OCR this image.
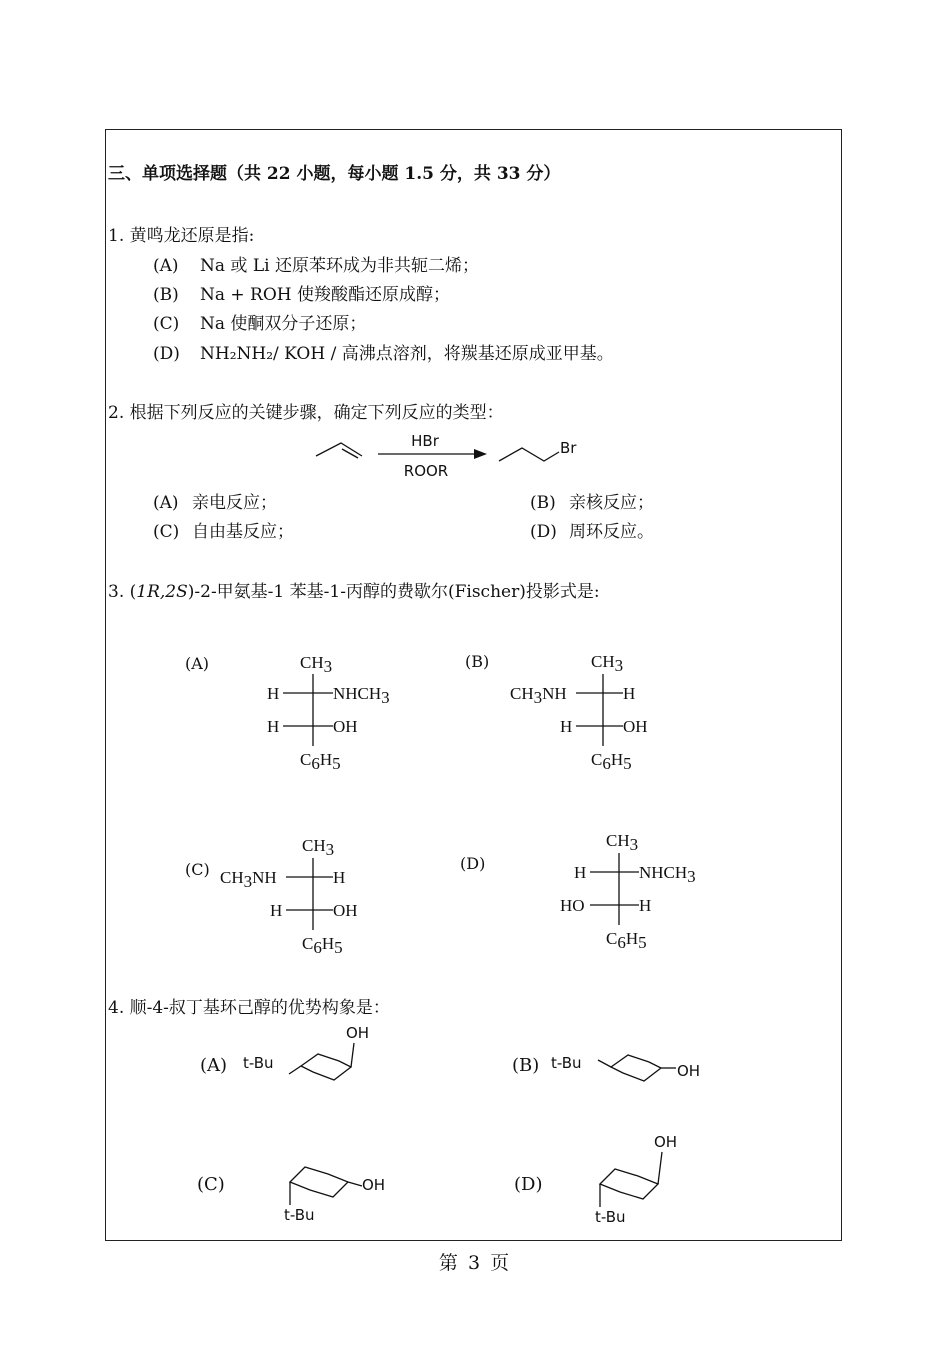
三、单项选择题（共 22 小题，每小题 1.5 分，共 33 分）
1. 黄鸣龙还原是指:
(A) Na 或 Li 还原苯环成为非共轭二烯；
(B) Na + ROH 使羧酸酯还原成醇；
(C) Na 使酮双分子还原；
(D) NH₂NH₂/ KOH / 高沸点溶剂，将羰基还原成亚甲基。
2. 根据下列反应的关键步骤，确定下列反应的类型：
HBr
ROOR
Br
(A) 亲电反应；	(B) 亲核反应；
(C) 自由基反应；	(D) 周环反应。
3. (1R,2S)-2-甲氨基-1 苯基-1-丙醇的费歇尔(Fischer)投影式是:
(A)	(B)
(C)	(D)
CH3
H	NHCH3
H	OH
C6H5
CH3
CH3NH	H
H	OH
C6H5
CH3
CH3NH	H
H	OH
C6H5
CH3
H	NHCH3
HO	H
C6H5
4. 顺-4-叔丁基环己醇的优势构象是：
(A)	(B)
(C)	(D)
t-Bu
OH
t-Bu	OH
OH
t-Bu
OH
t-Bu
第 3 页
